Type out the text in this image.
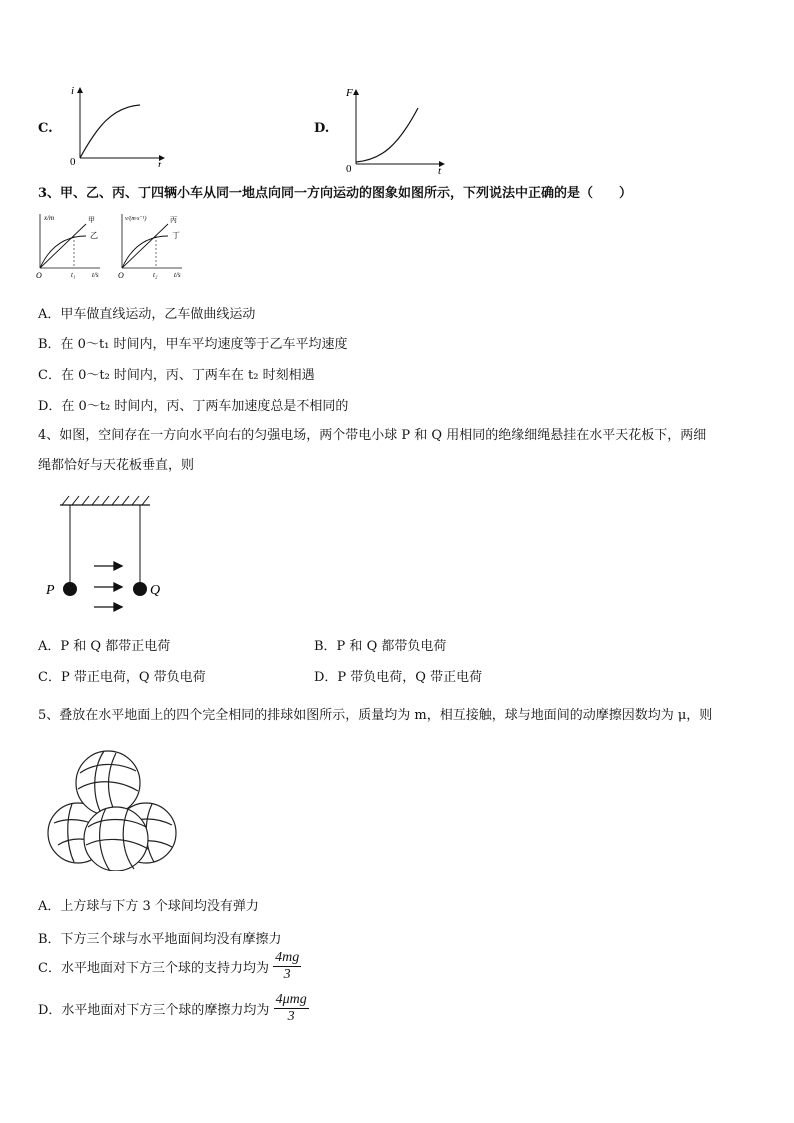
C.
i
t
0
D.
F
t
0
3、甲、乙、丙、丁四辆小车从同一地点向同一方向运动的图象如图所示，下列说法中正确的是（　　）
x/m
t/s
O	t₁
甲
乙
v/(m·s⁻¹)
t/s
O	t₂
丙
丁
A．甲车做直线运动，乙车做曲线运动
B．在 0～t₁ 时间内，甲车平均速度等于乙车平均速度
C．在 0～t₂ 时间内，丙、丁两车在 t₂ 时刻相遇
D．在 0～t₂ 时间内，丙、丁两车加速度总是不相同的
4、如图，空间存在一方向水平向右的匀强电场，两个带电小球 P 和 Q 用相同的绝缘细绳悬挂在水平天花板下，两细
绳都恰好与天花板垂直，则
P	Q
A．P 和 Q 都带正电荷	B．P 和 Q 都带负电荷
C．P 带正电荷，Q 带负电荷	D．P 带负电荷，Q 带正电荷
5、叠放在水平地面上的四个完全相同的排球如图所示，质量均为 m，相互接触，球与地面间的动摩擦因数均为 μ，则
A．上方球与下方 3 个球间均没有弹力
B．下方三个球与水平地面间均没有摩擦力
C．水平地面对下方三个球的支持力均为 $\frac{4mg}{3}$
D．水平地面对下方三个球的摩擦力均为 $\frac{\text{4μmg}}{3}$
